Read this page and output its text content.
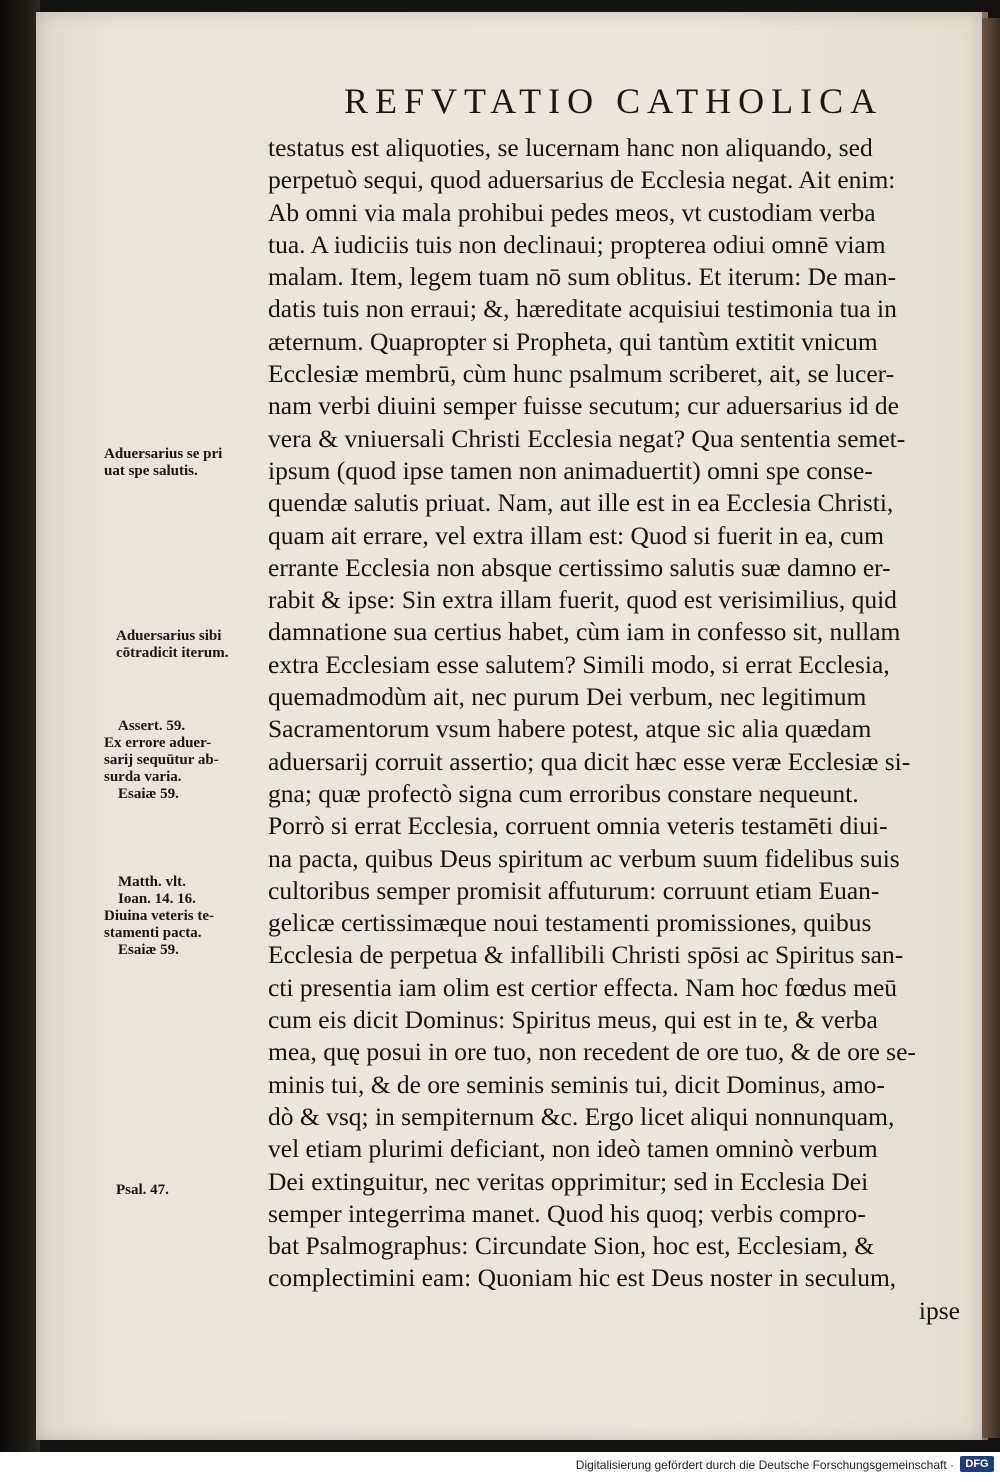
REFVTATIO CATHOLICA
testatus est aliquoties, se lucernam hanc non aliquando, sed
perpetuò sequi, quod aduersarius de Ecclesia negat. Ait enim:
Ab omni via mala prohibui pedes meos, vt custodiam verba
tua. A iudiciis tuis non declinaui; propterea odiui omnē viam
malam. Item, legem tuam nō sum oblitus. Et iterum: De man-
datis tuis non erraui; &, hæreditate acquisiui testimonia tua in
æternum. Quapropter si Propheta, qui tantùm extitit vnicum
Ecclesiæ membrū, cùm hunc psalmum scriberet, ait, se lucer-
nam verbi diuini semper fuisse secutum; cur aduersarius id de
vera & vniuersali Christi Ecclesia negat? Qua sententia semet-
ipsum (quod ipse tamen non animaduertit) omni spe conse-
quendæ salutis priuat. Nam, aut ille est in ea Ecclesia Christi,
quam ait errare, vel extra illam est: Quod si fuerit in ea, cum
errante Ecclesia non absque certissimo salutis suæ damno er-
rabit & ipse: Sin extra illam fuerit, quod est verisimilius, quid
damnatione sua certius habet, cùm iam in confesso sit, nullam
extra Ecclesiam esse salutem? Simili modo, si errat Ecclesia,
quemadmodùm ait, nec purum Dei verbum, nec legitimum
Sacramentorum vsum habere potest, atque sic alia quædam
aduersarij corruit assertio; qua dicit hæc esse veræ Ecclesiæ si-
gna; quæ profectò signa cum erroribus constare nequeunt.
Porrò si errat Ecclesia, corruent omnia veteris testamēti diui-
na pacta, quibus Deus spiritum ac verbum suum fidelibus suis
cultoribus semper promisit affuturum: corruunt etiam Euan-
gelicæ certissimæque noui testamenti promissiones, quibus
Ecclesia de perpetua & infallibili Christi spōsi ac Spiritus san-
cti presentia iam olim est certior effecta. Nam hoc fœdus meū
cum eis dicit Dominus: Spiritus meus, qui est in te, & verba
mea, quę posui in ore tuo, non recedent de ore tuo, & de ore se-
minis tui, & de ore seminis seminis tui, dicit Dominus, amo-
dò & vsq; in sempiternum &c. Ergo licet aliqui nonnunquam,
vel etiam plurimi deficiant, non ideò tamen omninò verbum
Dei extinguitur, nec veritas opprimitur; sed in Ecclesia Dei
semper integerrima manet. Quod his quoq; verbis compro-
bat Psalmographus: Circundate Sion, hoc est, Ecclesiam, &
complectimini eam: Quoniam hic est Deus noster in seculum,
ipse
Aduersarius se pri
uat spe salutis.
Aduersarius sibi
cōtradicit iterum.
Assert. 59.
Ex errore aduer-
sarij sequūtur ab-
surda varia.
Esaiæ 59.
Matth. vlt.
Ioan. 14. 16.
Diuina veteris te-
stamenti pacta.
Esaiæ 59.
Psal. 47.
Digitalisierung gefördert durch die Deutsche Forschungsgemeinschaft ·	DFG
